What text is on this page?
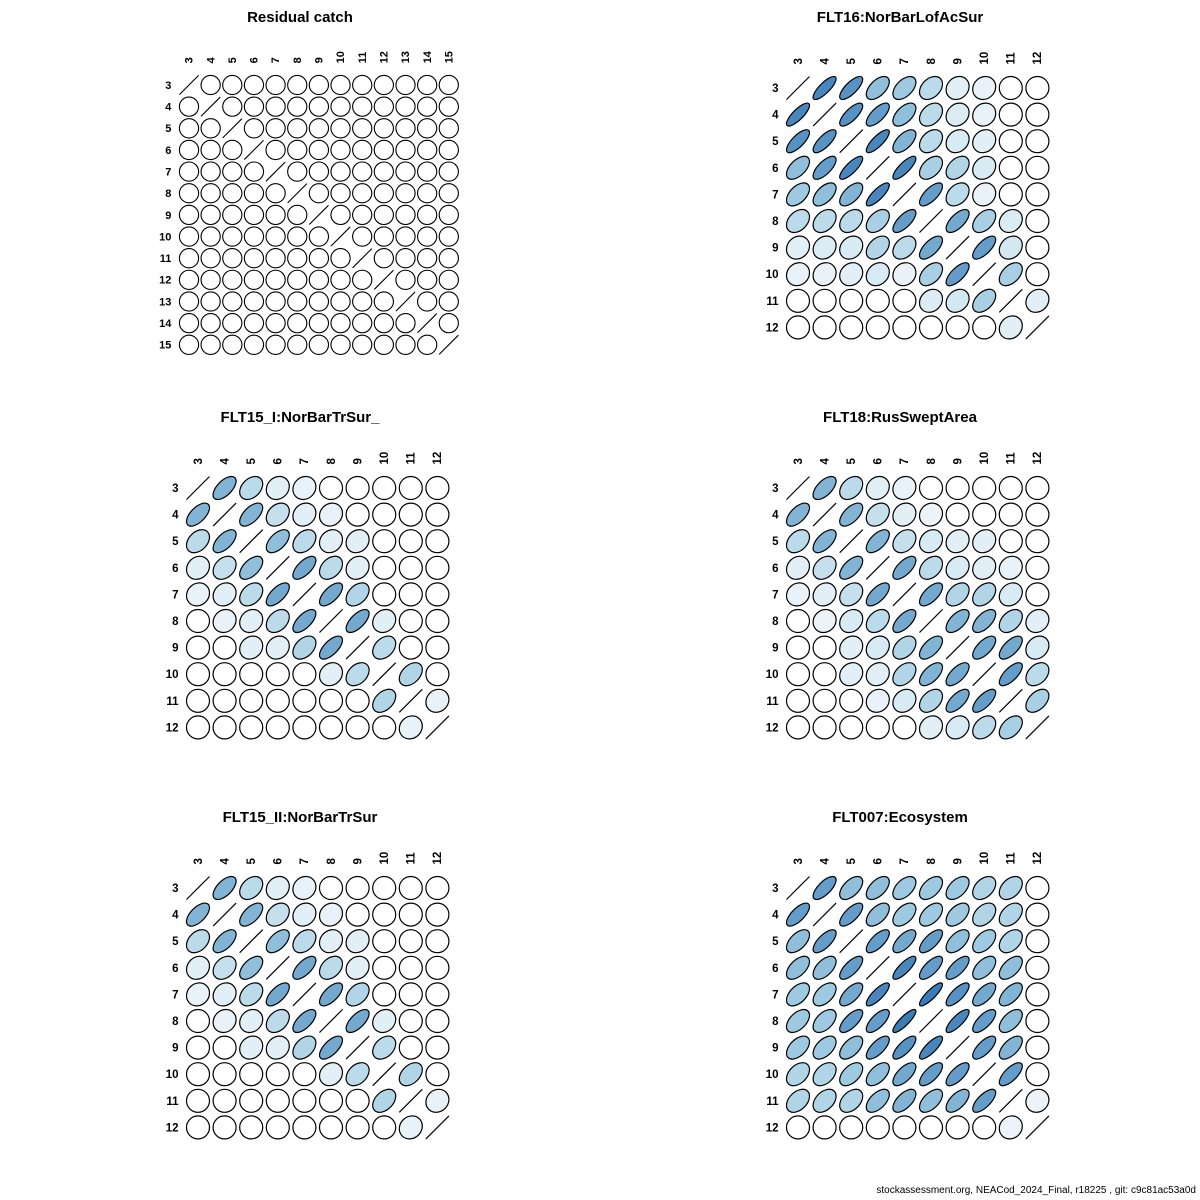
Residual catch
3 4 5 6 7 8 9 10 11 12 13 14 15
3
4
5
6
7
8
9
10
11
12
13
14
15
FLT16:NorBarLofAcSur
3 4 5 6 7 8 9 10 11 12
3
4
5
6
7
8
9
10
11
12
FLT15_I:NorBarTrSur_
3 4 5 6 7 8 9 10 11 12
3
4
5
6
7
8
9
10
11
12
FLT18:RusSweptArea
3 4 5 6 7 8 9 10 11 12
3
4
5
6
7
8
9
10
11
12
FLT15_II:NorBarTrSur
3 4 5 6 7 8 9 10 11 12
3
4
5
6
7
8
9
10
11
12
FLT007:Ecosystem
3 4 5 6 7 8 9 10 11 12
3
4
5
6
7
8
9
10
11
12
stockassessment.org, NEACod_2024_Final, r18225 , git: c9c81ac53a0d
